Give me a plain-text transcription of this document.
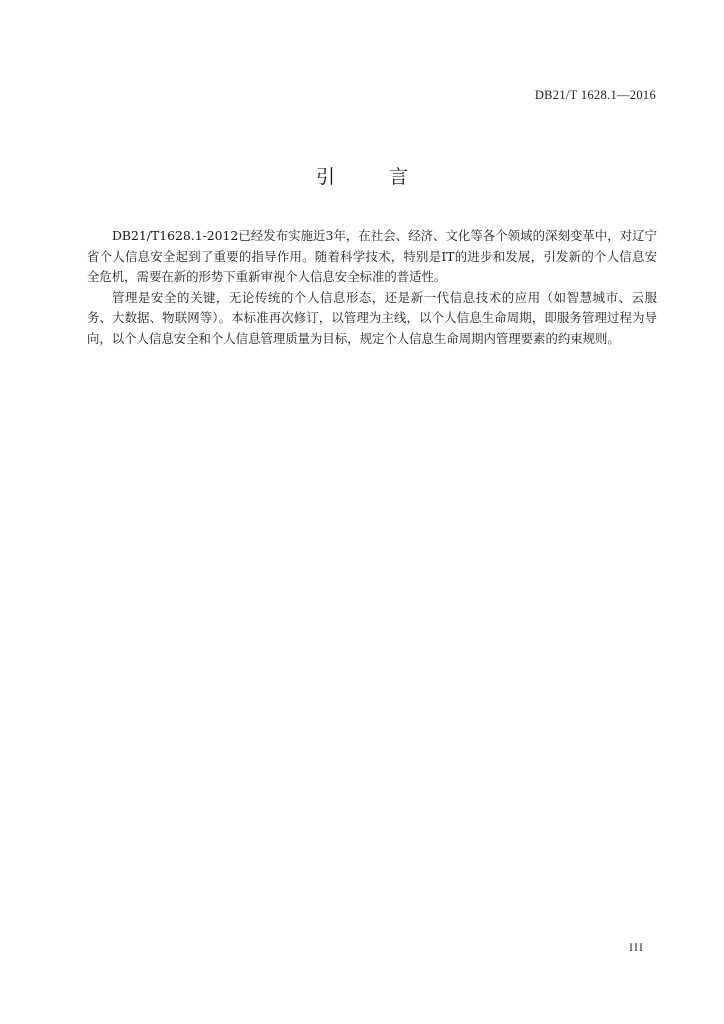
DB21/T 1628.1—2016
引 言

DB21/T1628.1-2012已经发布实施近3年，在社会、经济、文化等各个领域的深刻变革中，对辽宁省个人信息安全起到了重要的指导作用。随着科学技术，特别是IT的进步和发展，引发新的个人信息安全危机，需要在新的形势下重新审视个人信息安全标准的普适性。

管理是安全的关键，无论传统的个人信息形态，还是新一代信息技术的应用（如智慧城市、云服务、大数据、物联网等）。本标准再次修订，以管理为主线，以个人信息生命周期，即服务管理过程为导向，以个人信息安全和个人信息管理质量为目标，规定个人信息生命周期内管理要素的约束规则。

III
